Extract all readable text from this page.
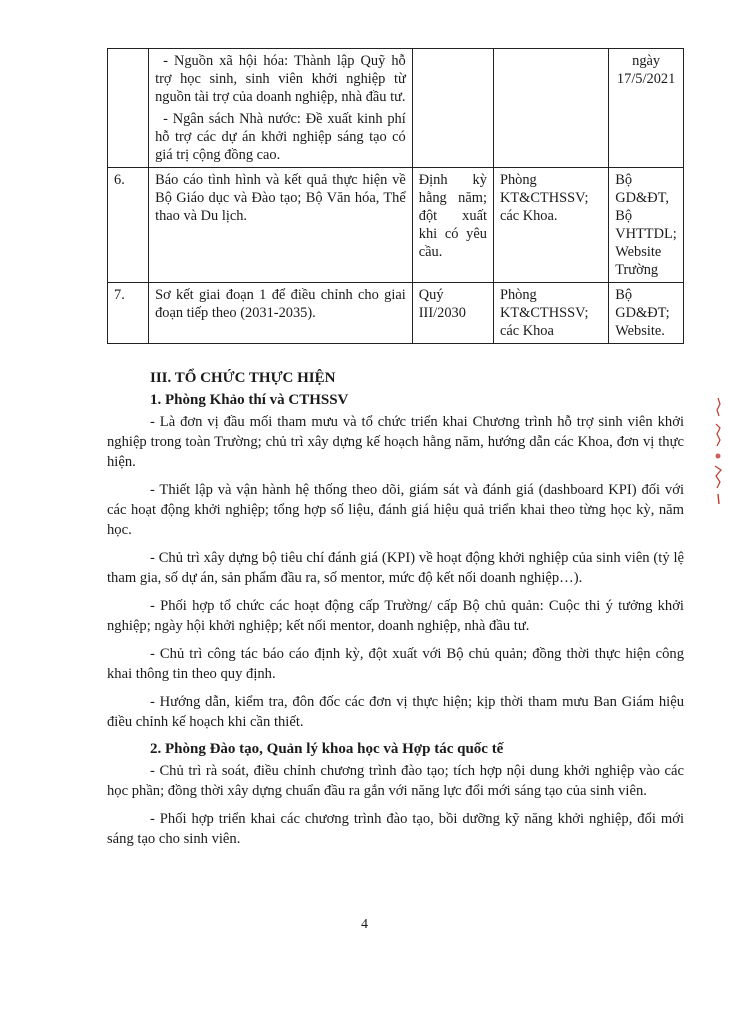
	- Nguồn xã hội hóa: Thành lập Quỹ hỗ trợ học sinh, sinh viên khởi nghiệp từ nguồn tài trợ của doanh nghiệp, nhà đầu tư.

- Ngân sách Nhà nước: Đề xuất kinh phí hỗ trợ các dự án khởi nghiệp sáng tạo có giá trị cộng đồng cao.			ngày 17/5/2021
6.	Báo cáo tình hình và kết quả thực hiện về Bộ Giáo dục và Đào tạo; Bộ Văn hóa, Thể thao và Du lịch.	Định kỳ hằng năm; đột xuất khi có yêu cầu.	Phòng KT&CTHSSV; các Khoa.	Bộ GD&ĐT, Bộ VHTTDL; Website Trường
7.	Sơ kết giai đoạn 1 để điều chỉnh cho giai đoạn tiếp theo (2031-2035).	Quý III/2030	Phòng KT&CTHSSV; các Khoa	Bộ GD&ĐT; Website.
III. TỔ CHỨC THỰC HIỆN
1. Phòng Khảo thí và CTHSSV

- Là đơn vị đầu mối tham mưu và tổ chức triển khai Chương trình hỗ trợ sinh viên khởi nghiệp trong toàn Trường; chủ trì xây dựng kế hoạch hằng năm, hướng dẫn các Khoa, đơn vị thực hiện.

- Thiết lập và vận hành hệ thống theo dõi, giám sát và đánh giá (dashboard KPI) đối với các hoạt động khởi nghiệp; tổng hợp số liệu, đánh giá hiệu quả triển khai theo từng học kỳ, năm học.

- Chủ trì xây dựng bộ tiêu chí đánh giá (KPI) về hoạt động khởi nghiệp của sinh viên (tỷ lệ tham gia, số dự án, sản phẩm đầu ra, số mentor, mức độ kết nối doanh nghiệp…).

- Phối hợp tổ chức các hoạt động cấp Trường/ cấp Bộ chủ quản: Cuộc thi ý tưởng khởi nghiệp; ngày hội khởi nghiệp; kết nối mentor, doanh nghiệp, nhà đầu tư.

- Chủ trì công tác báo cáo định kỳ, đột xuất với Bộ chủ quản; đồng thời thực hiện công khai thông tin theo quy định.

- Hướng dẫn, kiểm tra, đôn đốc các đơn vị thực hiện; kịp thời tham mưu Ban Giám hiệu điều chỉnh kế hoạch khi cần thiết.

2. Phòng Đào tạo, Quản lý khoa học và Hợp tác quốc tế

- Chủ trì rà soát, điều chỉnh chương trình đào tạo; tích hợp nội dung khởi nghiệp vào các học phần; đồng thời xây dựng chuẩn đầu ra gắn với năng lực đổi mới sáng tạo của sinh viên.

- Phối hợp triển khai các chương trình đào tạo, bồi dưỡng kỹ năng khởi nghiệp, đổi mới sáng tạo cho sinh viên.

4
